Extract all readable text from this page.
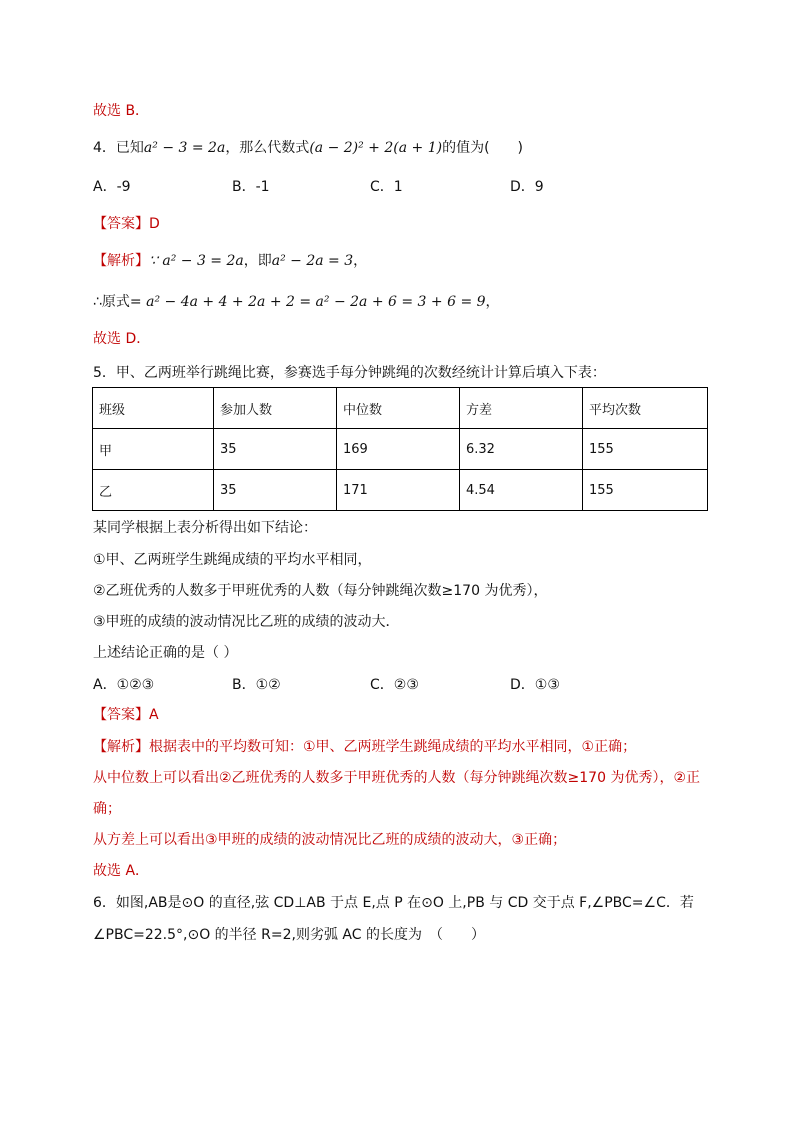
故选 B．
4．已知a² − 3 = 2a，那么代数式(a − 2)² + 2(a + 1)的值为(　　)
A．-9	B．-1	C．1	D．9
【答案】D
【解析】∵ a² − 3 = 2a，即a² − 2a = 3，
∴原式= a² − 4a + 4 + 2a + 2 = a² − 2a + 6 = 3 + 6 = 9，
故选 D．
5．甲、乙两班举行跳绳比赛，参赛选手每分钟跳绳的次数经统计计算后填入下表：
班级	参加人数	中位数	方差	平均次数
甲	35	169	6.32	155
乙	35	171	4.54	155
某同学根据上表分析得出如下结论：
①甲、乙两班学生跳绳成绩的平均水平相同，
②乙班优秀的人数多于甲班优秀的人数（每分钟跳绳次数≥170 为优秀），
③甲班的成绩的波动情况比乙班的成绩的波动大．
上述结论正确的是（ ）
A．①②③	B．①②	C．②③	D．①③
【答案】A
【解析】根据表中的平均数可知：①甲、乙两班学生跳绳成绩的平均水平相同，①正确；
从中位数上可以看出②乙班优秀的人数多于甲班优秀的人数（每分钟跳绳次数≥170 为优秀），②正
确；
从方差上可以看出③甲班的成绩的波动情况比乙班的成绩的波动大，③正确；
故选 A．
6．如图,AB是⊙O 的直径,弦 CD⊥AB 于点 E,点 P 在⊙O 上,PB 与 CD 交于点 F,∠PBC=∠C．若
∠PBC=22.5°,⊙O 的半径 R=2,则劣弧 AC 的长度为　（　　）
